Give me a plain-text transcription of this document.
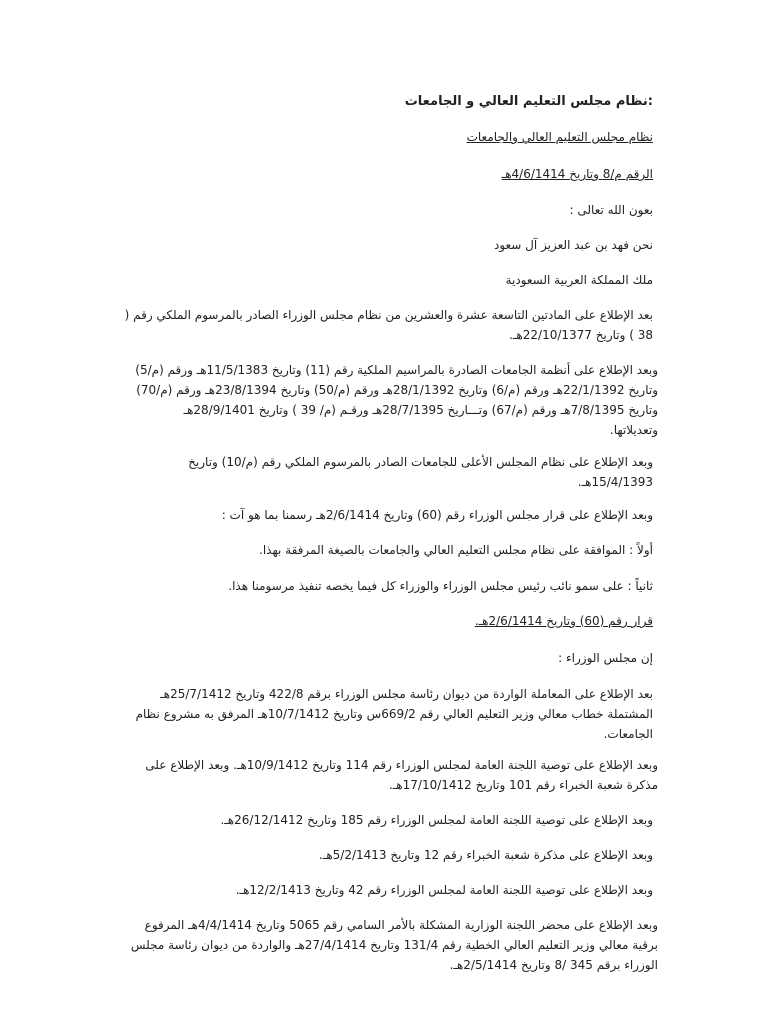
:نظام مجلس التعليم العالي و الجامعات

نظام مجلس التعليم العالي والجامعات

الرقم م/8 وتاريخ 4/6/1414هـ

بعون الله تعالى :

نحن فهد بن عبد العزيز آل سعود

ملك المملكة العربية السعودية

بعد الإطلاع على المادتين التاسعة عشرة والعشرين من نظام مجلس الوزراء الصادر بالمرسوم الملكي رقم (
38 ) وتاريخ 22/10/1377هـ.

وبعد الإطلاع على أنظمة الجامعات الصادرة بالمراسيم الملكية رقم (11) وتاريخ 11/5/1383هـ ورقم (م/5)
وتاريخ 22/1/1392هـ ورقم (م/6) وتاريخ 28/1/1392هـ ورقم (م/50) وتاريخ 23/8/1394هـ ورقم (م/70)
وتاريخ 7/8/1395هـ ورقم (م/67) وتـــاريخ 28/7/1395هـ ورقـم (م/ 39 ) وتاريخ 28/9/1401هـ
وتعديلاتها.

وبعد الإطلاع على نظام المجلس الأعلى للجامعات الصادر بالمرسوم الملكي رقم (م/10) وتاريخ
15/4/1393هـ.

وبعد الإطلاع على قرار مجلس الوزراء رقم (60) وتاريخ 2/6/1414هـ رسمنا بما هو آت :

أولاً : الموافقة على نظام مجلس التعليم العالي والجامعات بالصيغة المرفقة بهذا.

ثانياً : على سمو نائب رئيس مجلس الوزراء والوزراء كل فيما يخصه تنفيذ مرسومنا هذا.

قرار رقم (60) وتاريخ 2/6/1414هـ.

إن مجلس الوزراء :

بعد الإطلاع على المعاملة الواردة من ديوان رئاسة مجلس الوزراء برقم 422/8 وتاريخ 25/7/1412هـ
المشتملة خطاب معالي وزير التعليم العالي رقم 669/2س وتاريخ 10/7/1412هـ المرفق به مشروع نظام
الجامعات.

وبعد الإطلاع على توصية اللجنة العامة لمجلس الوزراء رقم 114 وتاريخ 10/9/1412هـ. وبعد الإطلاع على
مذكرة شعبة الخبراء رقم 101 وتاريخ 17/10/1412هـ.

وبعد الإطلاع على توصية اللجنة العامة لمجلس الوزراء رقم 185 وتاريخ 26/12/1412هـ.

وبعد الإطلاع على مذكرة شعبة الخبراء رقم 12 وتاريخ 5/2/1413هـ.

وبعد الإطلاع على توصية اللجنة العامة لمجلس الوزراء رقم 42 وتاريخ 12/2/1413هـ.

وبعد الإطلاع على محضر اللجنة الوزارية المشكلة بالأمر السامي رقم 5065 وتاريخ 4/4/1414هـ المرفوع
برقية معالي وزير التعليم العالي الخطية رقم 131/4 وتاريخ 27/4/1414هـ والواردة من ديوان رئاسة مجلس
الوزراء برقم 345 /8 وتاريخ 2/5/1414هـ.
